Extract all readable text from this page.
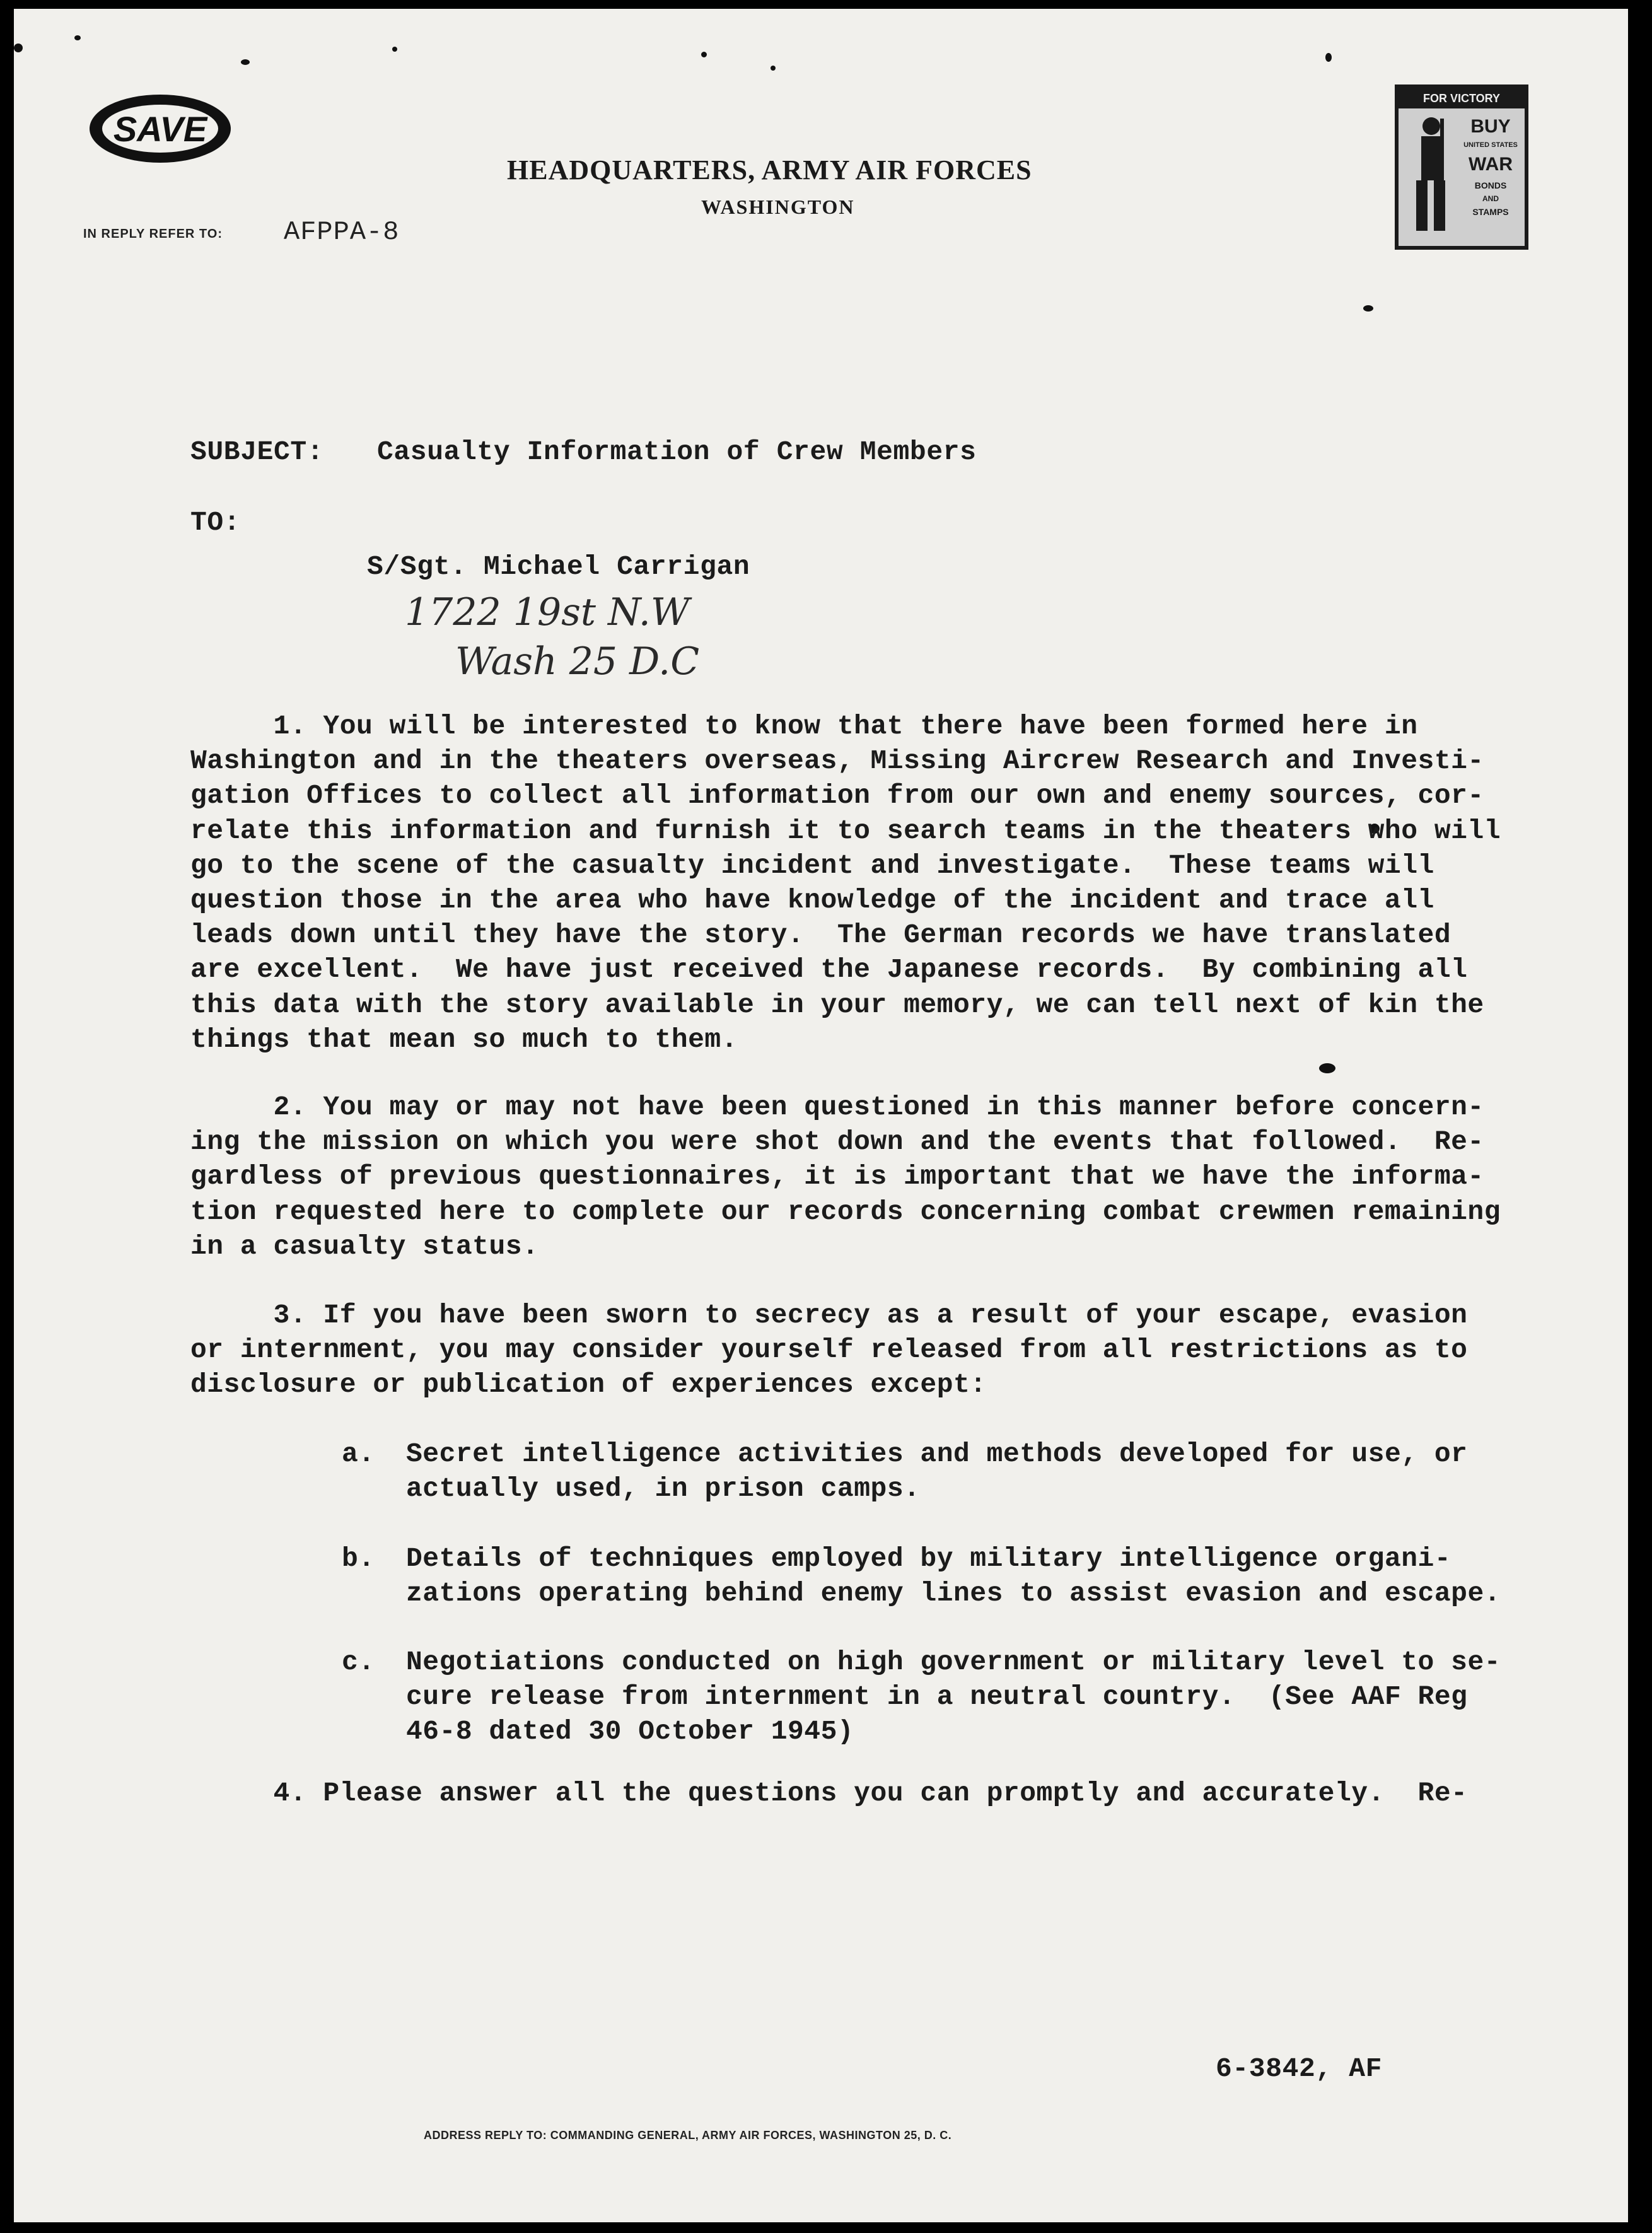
SAVE
HEADQUARTERS, ARMY AIR FORCES
WASHINGTON
IN REPLY REFER TO: AFPPA-8
FOR VICTORY
BUY
UNITED STATES
WAR
BONDS
AND
STAMPS
SUBJECT: Casualty Information of Crew Members
TO:
S/Sgt. Michael Carrigan
1722 19st N.W
Wash 25 D.C
1. You will be interested to know that there have been formed here in
Washington and in the theaters overseas, Missing Aircrew Research and Investi-
gation Offices to collect all information from our own and enemy sources, cor-
relate this information and furnish it to search teams in the theaters who will
go to the scene of the casualty incident and investigate.  These teams will
question those in the area who have knowledge of the incident and trace all
leads down until they have the story.  The German records we have translated
are excellent.  We have just received the Japanese records.  By combining all
this data with the story available in your memory, we can tell next of kin the
things that mean so much to them.
2. You may or may not have been questioned in this manner before concern-
ing the mission on which you were shot down and the events that followed.  Re-
gardless of previous questionnaires, it is important that we have the informa-
tion requested here to complete our records concerning combat crewmen remaining
in a casualty status.
3. If you have been sworn to secrecy as a result of your escape, evasion
or internment, you may consider yourself released from all restrictions as to
disclosure or publication of experiences except:
a. Secret intelligence activities and methods developed for use, or
actually used, in prison camps.
b. Details of techniques employed by military intelligence organi-
zations operating behind enemy lines to assist evasion and escape.
c. Negotiations conducted on high government or military level to se-
cure release from internment in a neutral country.  (See AAF Reg
46-8 dated 30 October 1945)
4. Please answer all the questions you can promptly and accurately.  Re-
6-3842, AF
ADDRESS REPLY TO: COMMANDING GENERAL, ARMY AIR FORCES, WASHINGTON 25, D. C.
